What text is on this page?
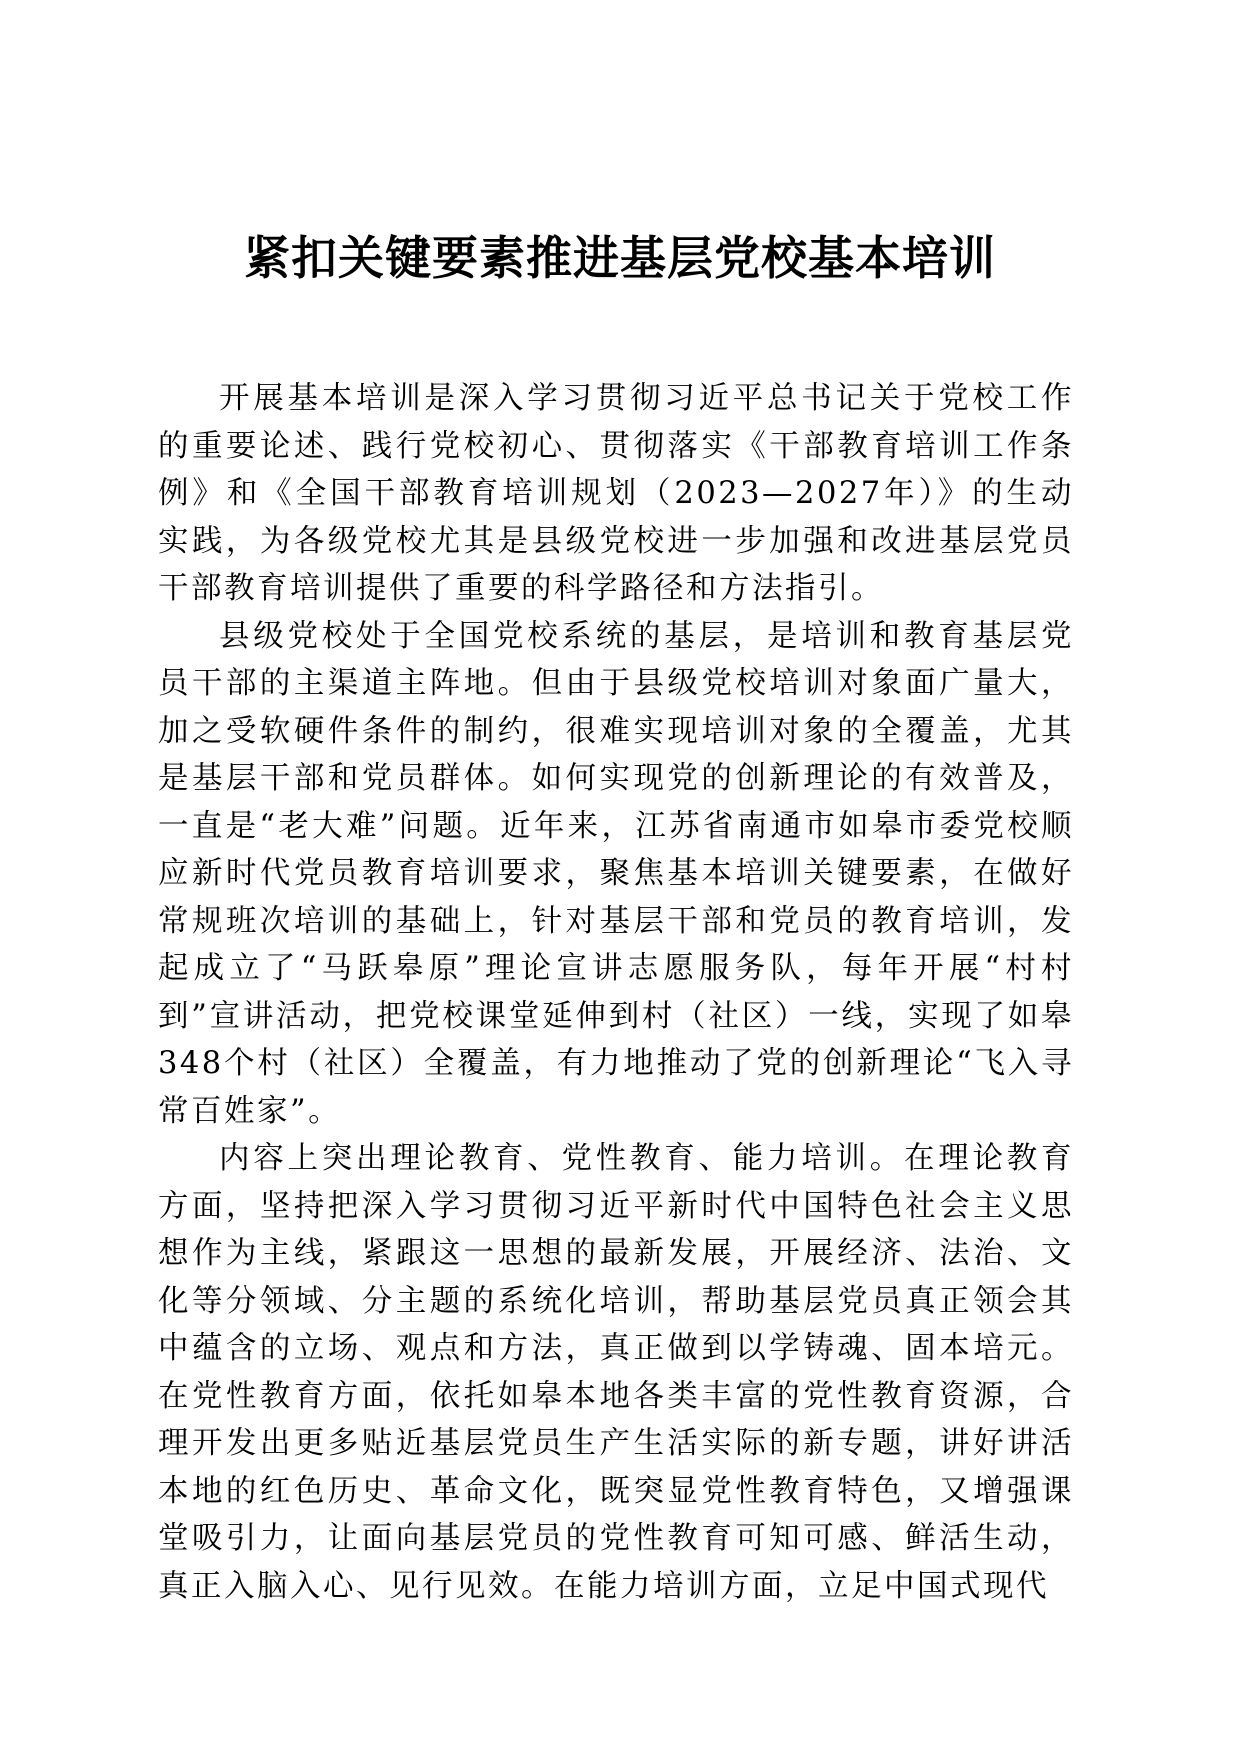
紧扣关键要素推进基层党校基本培训

开展基本培训是深入学习贯彻习近平总书记关于党校工作的重要论述、践行党校初心、贯彻落实《干部教育培训工作条例》和《全国干部教育培训规划（2023—2027年）》的生动实践，为各级党校尤其是县级党校进一步加强和改进基层党员干部教育培训提供了重要的科学路径和方法指引。

县级党校处于全国党校系统的基层，是培训和教育基层党员干部的主渠道主阵地。但由于县级党校培训对象面广量大，加之受软硬件条件的制约，很难实现培训对象的全覆盖，尤其是基层干部和党员群体。如何实现党的创新理论的有效普及，一直是“老大难”问题。近年来，江苏省南通市如皋市委党校顺应新时代党员教育培训要求，聚焦基本培训关键要素，在做好常规班次培训的基础上，针对基层干部和党员的教育培训，发起成立了“马跃皋原”理论宣讲志愿服务队，每年开展“村村到”宣讲活动，把党校课堂延伸到村（社区）一线，实现了如皋348个村（社区）全覆盖，有力地推动了党的创新理论“飞入寻常百姓家”。

内容上突出理论教育、党性教育、能力培训。在理论教育方面，坚持把深入学习贯彻习近平新时代中国特色社会主义思想作为主线，紧跟这一思想的最新发展，开展经济、法治、文化等分领域、分主题的系统化培训，帮助基层党员真正领会其中蕴含的立场、观点和方法，真正做到以学铸魂、固本培元。在党性教育方面，依托如皋本地各类丰富的党性教育资源，合理开发出更多贴近基层党员生产生活实际的新专题，讲好讲活本地的红色历史、革命文化，既突显党性教育特色，又增强课堂吸引力，让面向基层党员的党性教育可知可感、鲜活生动，真正入脑入心、见行见效。在能力培训方面，立足中国式现代
